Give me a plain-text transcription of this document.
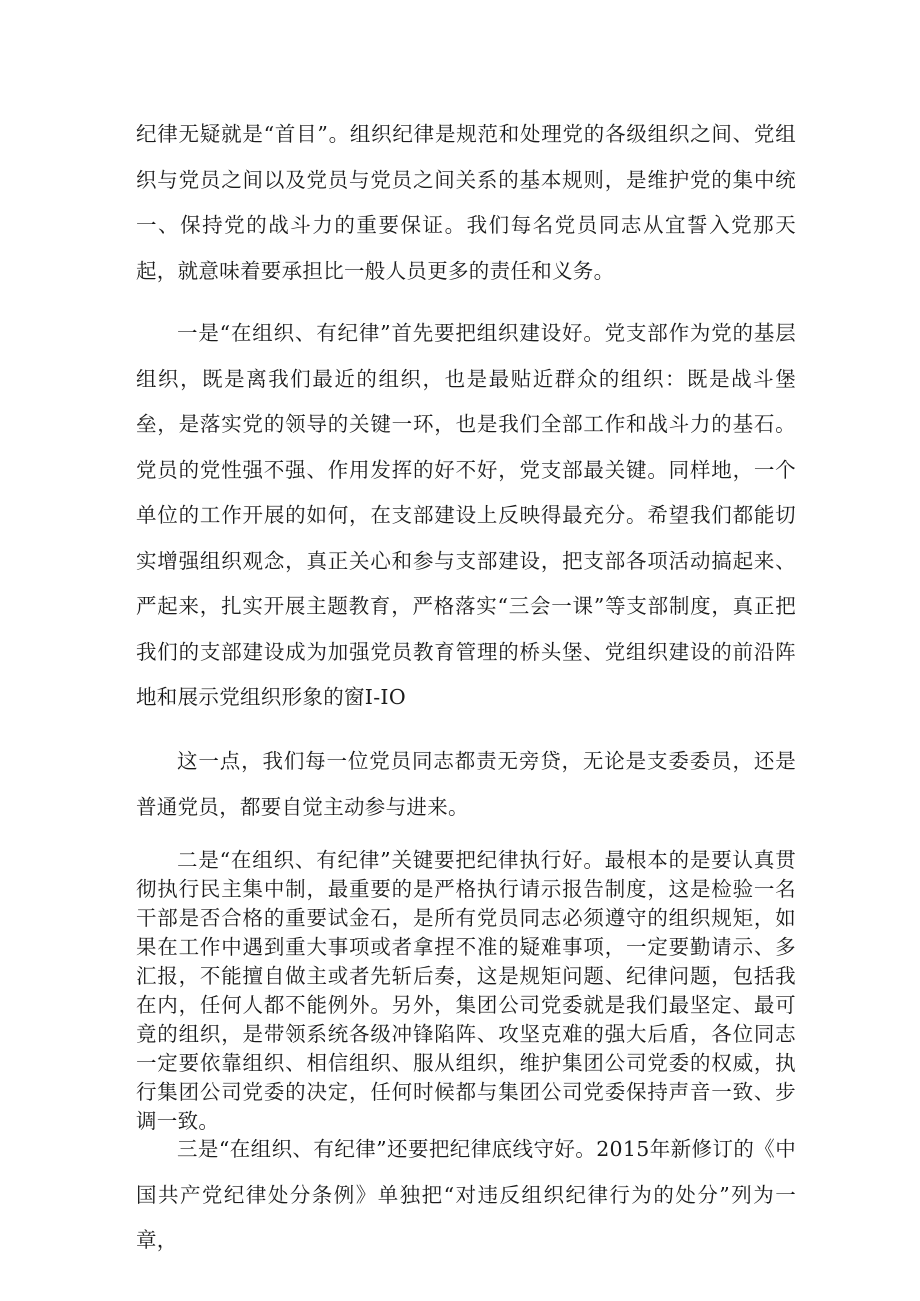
纪律无疑就是“首目”。组织纪律是规范和处理党的各级组织之间、党组织与党员之间以及党员与党员之间关系的基本规则，是维护党的集中统一、保持党的战斗力的重要保证。我们每名党员同志从宜誓入党那天起，就意味着要承担比一般人员更多的责任和义务。

一是“在组织、有纪律”首先要把组织建设好。党支部作为党的基层组织，既是离我们最近的组织，也是最贴近群众的组织：既是战斗堡垒，是落实党的领导的关键一环，也是我们全部工作和战斗力的基石。党员的党性强不强、作用发挥的好不好，党支部最关键。同样地，一个单位的工作开展的如何，在支部建设上反映得最充分。希望我们都能切实增强组织观念，真正关心和参与支部建设，把支部各项活动搞起来、严起来，扎实开展主题教育，严格落实“三会一课”等支部制度，真正把我们的支部建设成为加强党员教育管理的桥头堡、党组织建设的前沿阵地和展示党组织形象的窗I-IO

这一点，我们每一位党员同志都责无旁贷，无论是支委委员，还是普通党员，都要自觉主动参与进来。

二是“在组织、有纪律”关键要把纪律执行好。最根本的是要认真贯彻执行民主集中制，最重要的是严格执行请示报告制度，这是检验一名干部是否合格的重要试金石，是所有党员同志必须遵守的组织规矩，如果在工作中遇到重大事项或者拿捏不准的疑难事项，一定要勤请示、多汇报，不能擅自做主或者先斩后奏，这是规矩问题、纪律问题，包括我在内，任何人都不能例外。另外，集团公司党委就是我们最坚定、最可竟的组织，是带领系统各级冲锋陷阵、攻坚克难的强大后盾，各位同志一定要依靠组织、相信组织、服从组织，维护集团公司党委的权威，执行集团公司党委的决定，任何时候都与集团公司党委保持声音一致、步调一致。

三是“在组织、有纪律”还要把纪律底线守好。2015年新修订的《中国共产党纪律处分条例》单独把“对违反组织纪律行为的处分”列为一章，
